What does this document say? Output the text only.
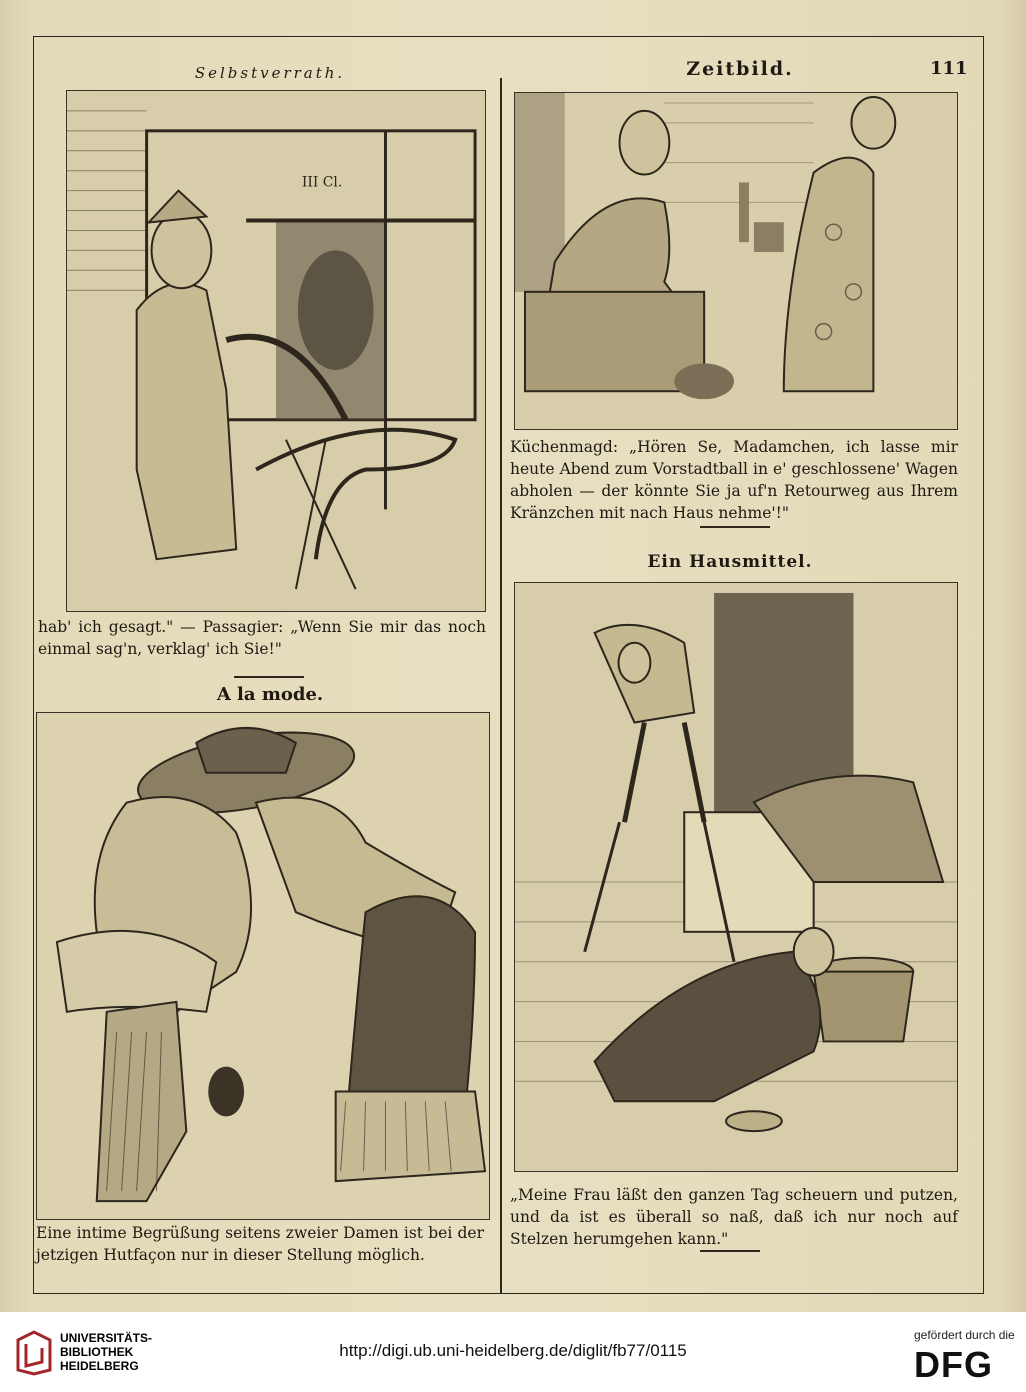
111
Selbstverrath.
III Cl.

hab' ich gesagt." — Passagier: „Wenn Sie mir das noch einmal sag'n, verklag' ich Sie!"

Zeitbild.

Küchenmagd: „Hören Se, Madamchen, ich lasse mir heute Abend zum Vorstadtball in e' geschlossene' Wagen abholen — der könnte Sie ja uf'n Retourweg aus Ihrem Kränzchen mit nach Haus nehme'!"

A la mode.

Eine intime Begrüßung seitens zweier Damen ist bei der jetzigen Hutfaçon nur in dieser Stellung möglich.

Ein Hausmittel.

„Meine Frau läßt den ganzen Tag scheuern und putzen, und da ist es überall so naß, daß ich nur noch auf Stelzen herumgehen kann."

UNIVERSITÄTS-
BIBLIOTHEK
HEIDELBERG
http://digi.ub.uni-heidelberg.de/diglit/fb77/0115
gefördert durch die
DFG
